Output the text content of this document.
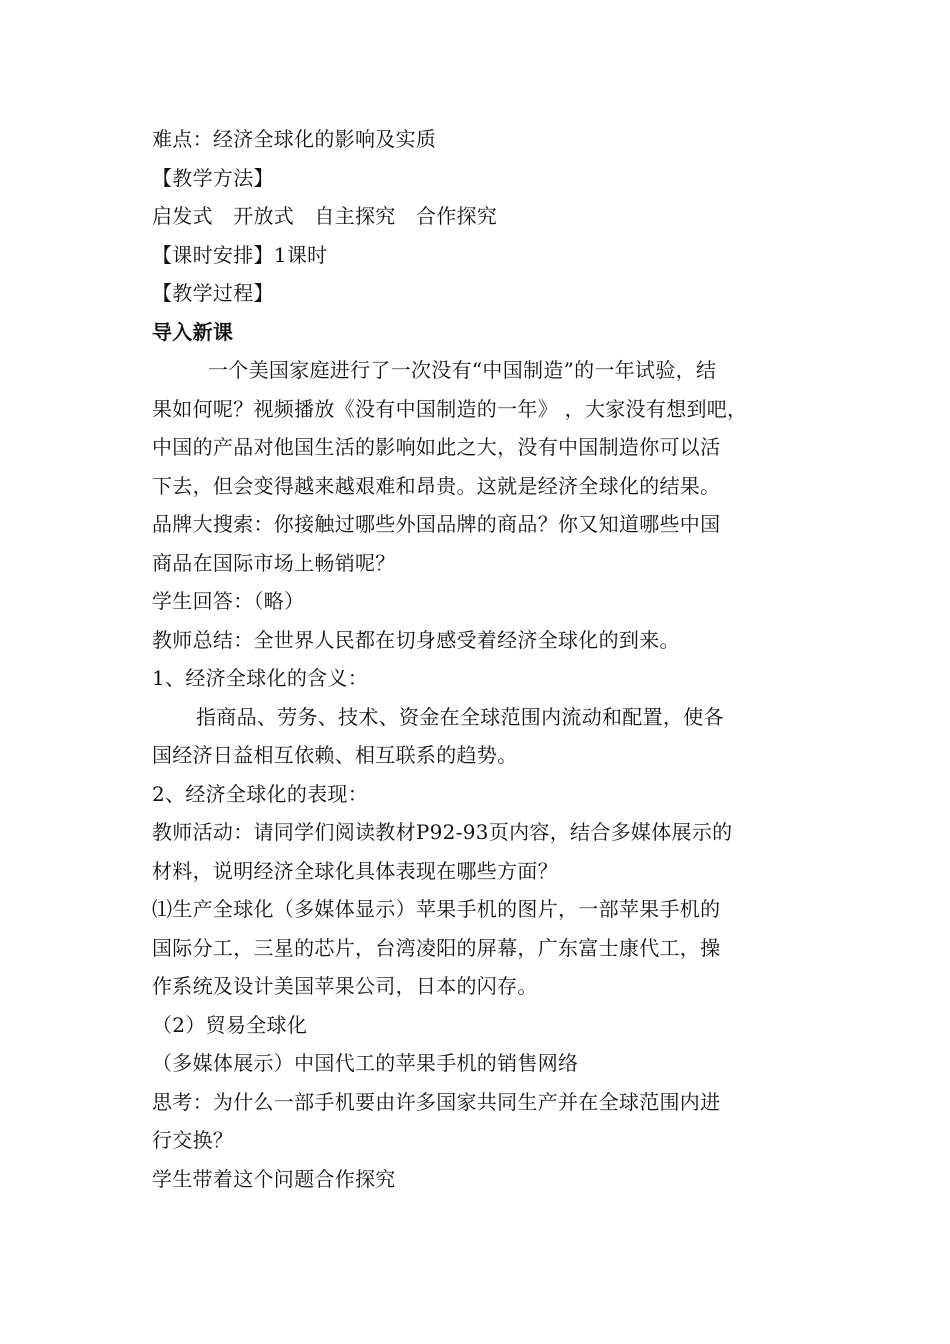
难点：经济全球化的影响及实质
【教学方法】
启发式　开放式　自主探究　合作探究
【课时安排】1课时
【教学过程】
导入新课
一个美国家庭进行了一次没有“中国制造”的一年试验，结
果如何呢？视频播放《没有中国制造的一年》 ，大家没有想到吧，
中国的产品对他国生活的影响如此之大，没有中国制造你可以活
下去，但会变得越来越艰难和昂贵。这就是经济全球化的结果。
品牌大搜索：你接触过哪些外国品牌的商品？你又知道哪些中国
商品在国际市场上畅销呢？
学生回答：（略）
教师总结：全世界人民都在切身感受着经济全球化的到来。
1、经济全球化的含义：
指商品、劳务、技术、资金在全球范围内流动和配置，使各
国经济日益相互依赖、相互联系的趋势。
2、经济全球化的表现：
教师活动：请同学们阅读教材P92-93页内容，结合多媒体展示的
材料，说明经济全球化具体表现在哪些方面？
⑴生产全球化（多媒体显示）苹果手机的图片，一部苹果手机的
国际分工，三星的芯片，台湾凌阳的屏幕，广东富士康代工，操
作系统及设计美国苹果公司，日本的闪存。
（2）贸易全球化
（多媒体展示）中国代工的苹果手机的销售网络
思考：为什么一部手机要由许多国家共同生产并在全球范围内进
行交换？
学生带着这个问题合作探究
